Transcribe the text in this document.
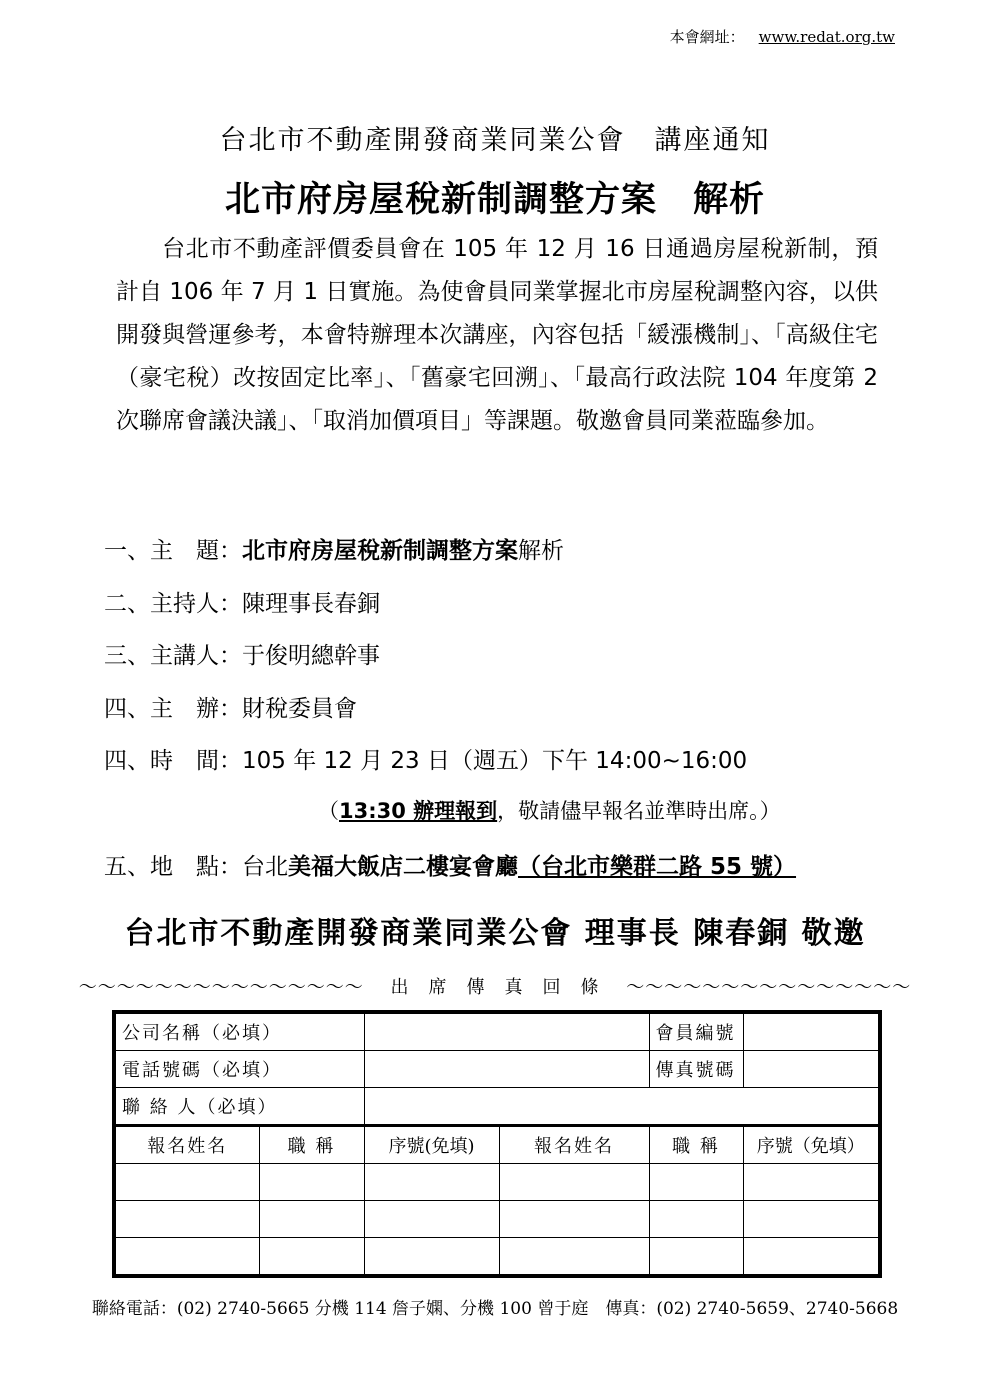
本會網址： www.redat.org.tw
台北市不動產開發商業同業公會　講座通知
北市府房屋稅新制調整方案　解析

台北市不動產評價委員會在 105 年 12 月 16 日通過房屋稅新制，預計自 106 年 7 月 1 日實施。為使會員同業掌握北市房屋稅調整內容，以供開發與營運參考，本會特辦理本次講座，內容包括「緩漲機制」、「高級住宅（豪宅稅）改按固定比率」、「舊豪宅回溯」、「最高行政法院 104 年度第 2 次聯席會議決議」、「取消加價項目」等課題。敬邀會員同業蒞臨參加。

一、主　題：北市府房屋稅新制調整方案解析
二、主持人：陳理事長春銅
三、主講人：于俊明總幹事
四、主　辦：財稅委員會
四、時　間：105 年 12 月 23 日（週五）下午 14:00~16:00
（13:30 辦理報到，敬請儘早報名並準時出席。）
五、地　點：台北美福大飯店二樓宴會廳（台北市樂群二路 55 號）
台北市不動產開發商業同業公會 理事長 陳春銅 敬邀
〜〜〜〜〜〜〜〜〜〜〜〜〜〜〜 出　席　傳　真　回　條 〜〜〜〜〜〜〜〜〜〜〜〜〜〜〜
公司名稱（必填）				會員編號	
電話號碼（必填）				傳真號碼	
聯 絡 人（必填）					
報名姓名	職 稱	序號(免填)	報名姓名	職 稱	序號（免填）

聯絡電話：(02) 2740-5665 分機 114 詹子嫻、分機 100 曾于庭　傳真：(02) 2740-5659、2740-5668
